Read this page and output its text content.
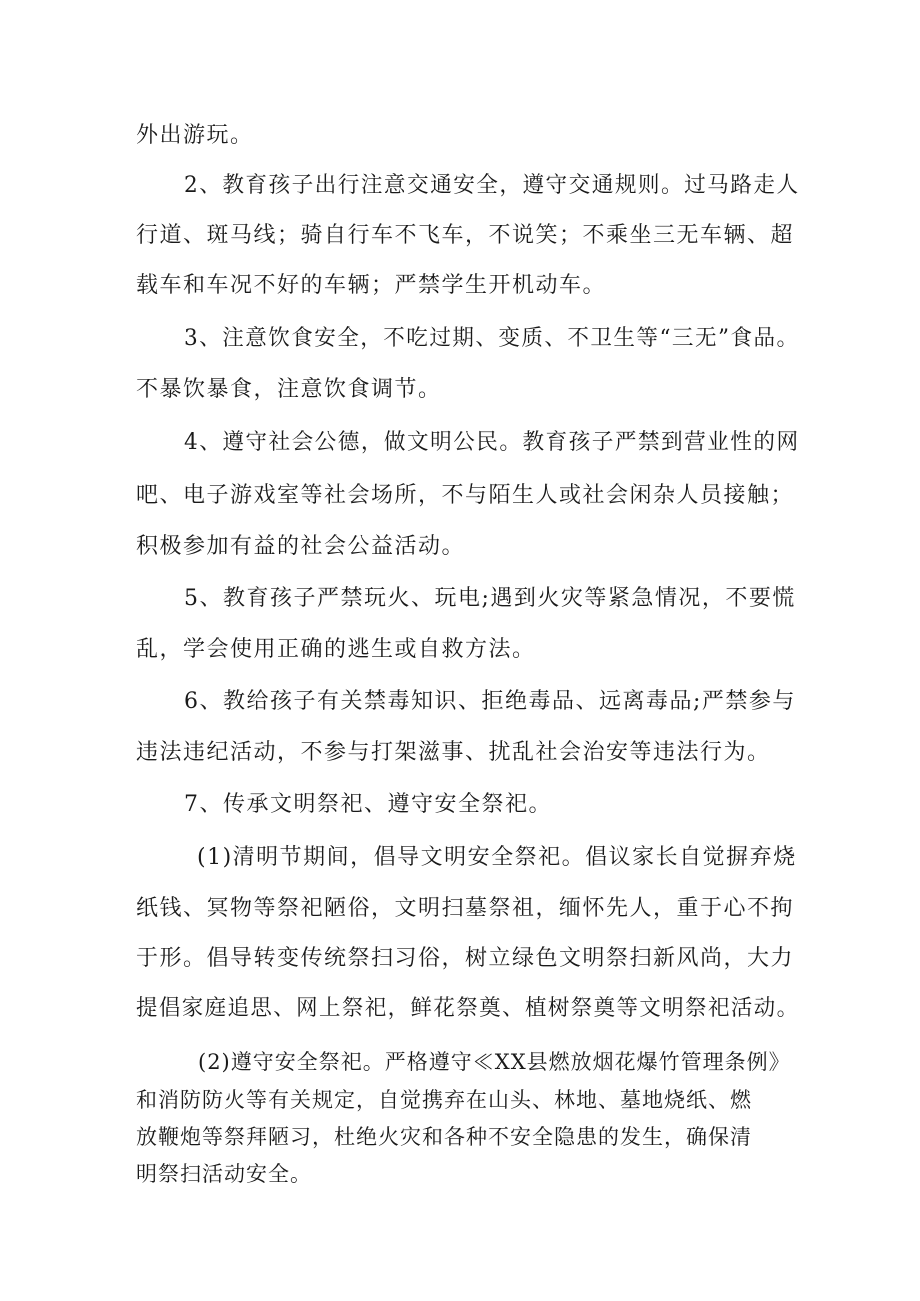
外出游玩。
2、教育孩子出行注意交通安全，遵守交通规则。过马路走人
行道、斑马线；骑自行车不飞车，不说笑；不乘坐三无车辆、超
载车和车况不好的车辆；严禁学生开机动车。
3、注意饮食安全，不吃过期、变质、不卫生等“三无”食品。
不暴饮暴食，注意饮食调节。
4、遵守社会公德，做文明公民。教育孩子严禁到营业性的网
吧、电子游戏室等社会场所，不与陌生人或社会闲杂人员接触；
积极参加有益的社会公益活动。
5、教育孩子严禁玩火、玩电;遇到火灾等紧急情况，不要慌
乱，学会使用正确的逃生或自救方法。
6、教给孩子有关禁毒知识、拒绝毒品、远离毒品;严禁参与
违法违纪活动，不参与打架滋事、扰乱社会治安等违法行为。
7、传承文明祭祀、遵守安全祭祀。
(1)清明节期间，倡导文明安全祭祀。倡议家长自觉摒弃烧
纸钱、冥物等祭祀陋俗，文明扫墓祭祖，缅怀先人，重于心不拘
于形。倡导转变传统祭扫习俗，树立绿色文明祭扫新风尚，大力
提倡家庭追思、网上祭祀，鲜花祭奠、植树祭奠等文明祭祀活动。
(2)遵守安全祭祀。严格遵守≪XX县燃放烟花爆竹管理条例》
和消防防火等有关规定，自觉携弃在山头、林地、墓地烧纸、燃
放鞭炮等祭拜陋习，杜绝火灾和各种不安全隐患的发生，确保清
明祭扫活动安全。
